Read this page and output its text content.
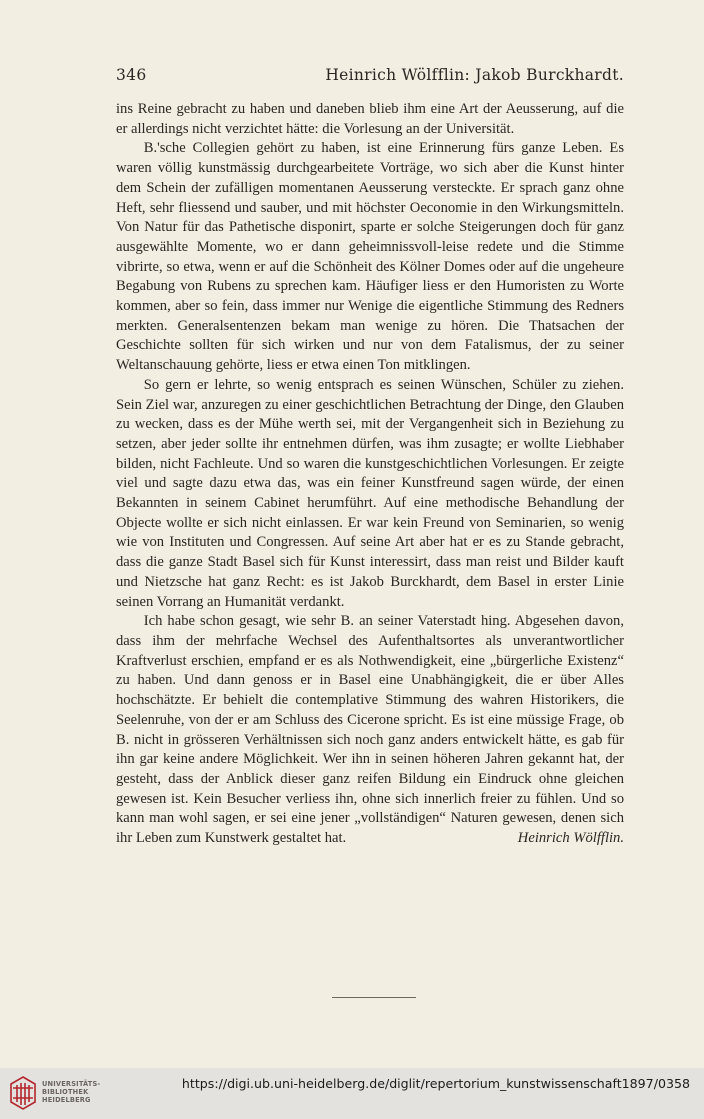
346	Heinrich Wölfflin: Jakob Burckhardt.

ins Reine gebracht zu haben und daneben blieb ihm eine Art der Aeusserung, auf die er allerdings nicht verzichtet hätte: die Vorlesung an der Universität.

B.'sche Collegien gehört zu haben, ist eine Erinnerung fürs ganze Leben. Es waren völlig kunstmässig durchgearbeitete Vorträge, wo sich aber die Kunst hinter dem Schein der zufälligen momentanen Aeusserung versteckte. Er sprach ganz ohne Heft, sehr fliessend und sauber, und mit höchster Oeconomie in den Wirkungsmitteln. Von Natur für das Pathetische disponirt, sparte er solche Steigerungen doch für ganz ausgewählte Momente, wo er dann geheimnissvoll-leise redete und die Stimme vibrirte, so etwa, wenn er auf die Schönheit des Kölner Domes oder auf die ungeheure Begabung von Rubens zu sprechen kam. Häufiger liess er den Humoristen zu Worte kommen, aber so fein, dass immer nur Wenige die eigentliche Stimmung des Redners merkten. Generalsentenzen bekam man wenige zu hören. Die Thatsachen der Geschichte sollten für sich wirken und nur von dem Fatalismus, der zu seiner Weltanschauung gehörte, liess er etwa einen Ton mitklingen.

So gern er lehrte, so wenig entsprach es seinen Wünschen, Schüler zu ziehen. Sein Ziel war, anzuregen zu einer geschichtlichen Betrachtung der Dinge, den Glauben zu wecken, dass es der Mühe werth sei, mit der Vergangenheit sich in Beziehung zu setzen, aber jeder sollte ihr entnehmen dürfen, was ihm zusagte; er wollte Liebhaber bilden, nicht Fachleute. Und so waren die kunstgeschichtlichen Vorlesungen. Er zeigte viel und sagte dazu etwa das, was ein feiner Kunstfreund sagen würde, der einen Bekannten in seinem Cabinet herumführt. Auf eine methodische Behandlung der Objecte wollte er sich nicht einlassen. Er war kein Freund von Seminarien, so wenig wie von Instituten und Congressen. Auf seine Art aber hat er es zu Stande gebracht, dass die ganze Stadt Basel sich für Kunst interessirt, dass man reist und Bilder kauft und Nietzsche hat ganz Recht: es ist Jakob Burckhardt, dem Basel in erster Linie seinen Vorrang an Humanität verdankt.

Ich habe schon gesagt, wie sehr B. an seiner Vaterstadt hing. Abgesehen davon, dass ihm der mehrfache Wechsel des Aufenthaltsortes als unverantwortlicher Kraftverlust erschien, empfand er es als Nothwendigkeit, eine „bürgerliche Existenz“ zu haben. Und dann genoss er in Basel eine Unabhängigkeit, die er über Alles hochschätzte. Er behielt die contemplative Stimmung des wahren Historikers, die Seelenruhe, von der er am Schluss des Cicerone spricht. Es ist eine müssige Frage, ob B. nicht in grösseren Verhältnissen sich noch ganz anders entwickelt hätte, es gab für ihn gar keine andere Möglichkeit. Wer ihn in seinen höheren Jahren gekannt hat, der gesteht, dass der Anblick dieser ganz reifen Bildung ein Eindruck ohne gleichen gewesen ist. Kein Besucher verliess ihn, ohne sich innerlich freier zu fühlen. Und so kann man wohl sagen, er sei eine jener „vollständigen“ Naturen gewesen, denen sich ihr Leben zum Kunstwerk gestaltet hat.	Heinrich Wölfflin.

UNIVERSITÄTS-
BIBLIOTHEK
HEIDELBERG
https://digi.ub.uni-heidelberg.de/diglit/repertorium_kunstwissenschaft1897/0358
